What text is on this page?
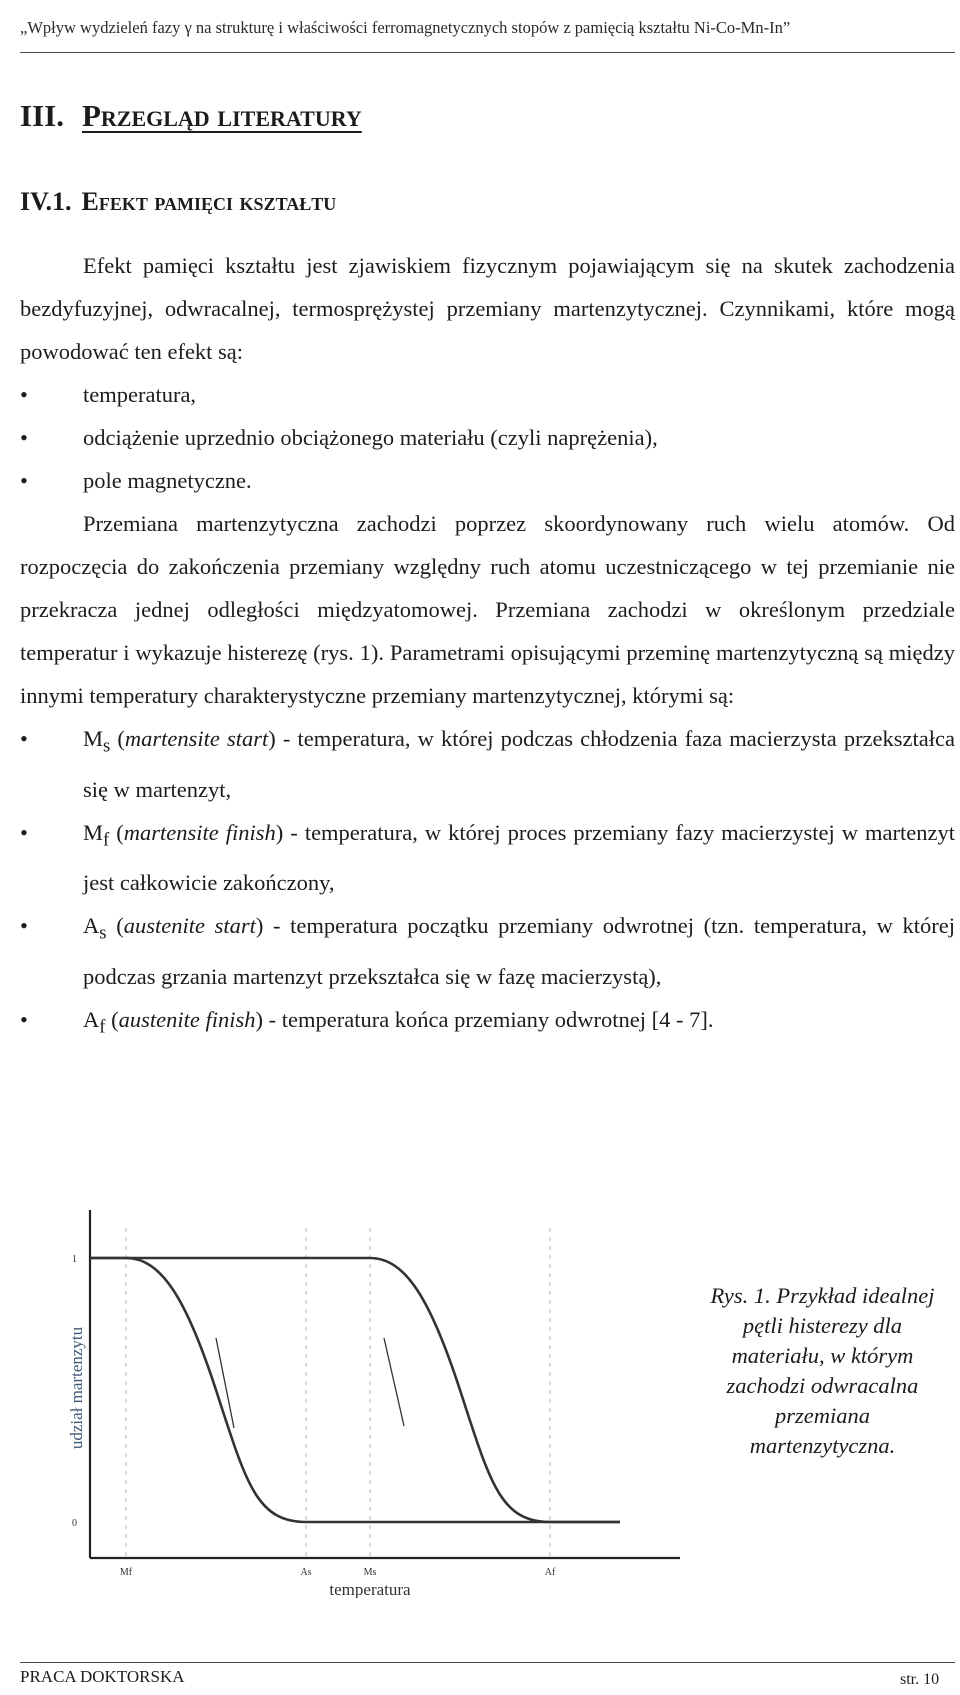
„Wpływ wydzieleń fazy γ na strukturę i właściwości ferromagnetycznych stopów z pamięcią kształtu Ni-Co-Mn-In”
III. Przegląd literatury
IV.1. Efekt pamięci kształtu

Efekt pamięci kształtu jest zjawiskiem fizycznym pojawiającym się na skutek zachodzenia bezdyfuzyjnej, odwracalnej, termosprężystej przemiany martenzytycznej. Czynnikami, które mogą powodować ten efekt są:

• temperatura,
• odciążenie uprzednio obciążonego materiału (czyli naprężenia),
• pole magnetyczne.

Przemiana martenzytyczna zachodzi poprzez skoordynowany ruch wielu atomów. Od rozpoczęcia do zakończenia przemiany względny ruch atomu uczestniczącego w tej przemianie nie przekracza jednej odległości międzyatomowej. Przemiana zachodzi w określonym przedziale temperatur i wykazuje histerezę (rys. 1). Parametrami opisującymi przeminę martenzytyczną są między innymi temperatury charakterystyczne przemiany martenzytycznej, którymi są:

• $M_s$ (martensite start) - temperatura, w której podczas chłodzenia faza macierzysta przekształca się w martenzyt,
• $M_f$ (martensite finish) - temperatura, w której proces przemiany fazy macierzystej w martenzyt jest całkowicie zakończony,
• $A_s$ (austenite start) - temperatura początku przemiany odwrotnej (tzn. temperatura, w której podczas grzania martenzyt przekształca się w fazę macierzystą),
• $A_f$ (austenite finish) - temperatura końca przemiany odwrotnej [4 - 7].
1
0
Mf	As	Ms	Af
temperatura
udział martenzytu
Rys. 1. Przykład idealnej pętli histerezy dla materiału, w którym zachodzi odwracalna przemiana martenzytyczna.
PRACA DOKTORSKA	str. 10
